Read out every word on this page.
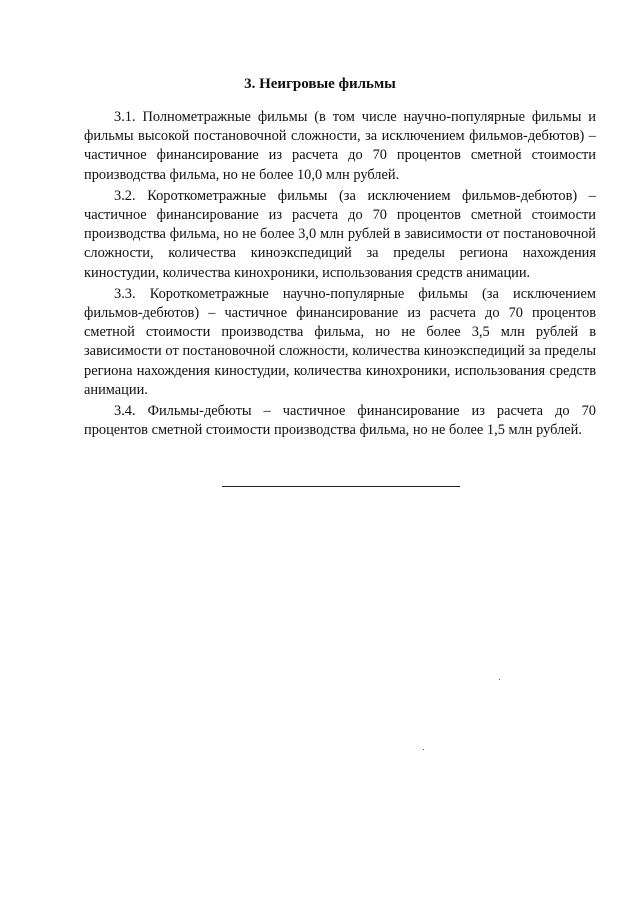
3. Неигровые фильмы

3.1. Полнометражные фильмы (в том числе научно-популярные фильмы и фильмы высокой постановочной сложности, за исключением фильмов-дебютов) – частичное финансирование из расчета до 70 процентов сметной стоимости производства фильма, но не более 10,0 млн рублей.

3.2. Короткометражные фильмы (за исключением фильмов-дебютов) – частичное финансирование из расчета до 70 процентов сметной стоимости производства фильма, но не более 3,0 млн рублей в зависимости от постановочной сложности, количества киноэкспедиций за пределы региона нахождения киностудии, количества кинохроники, использования средств анимации.

3.3. Короткометражные научно-популярные фильмы (за исключением фильмов-дебютов) – частичное финансирование из расчета до 70 процентов сметной стоимости производства фильма, но не более 3,5 млн рублей в зависимости от постановочной сложности, количества киноэкспедиций за пределы региона нахождения киностудии, количества кинохроники, использования средств анимации.

3.4. Фильмы-дебюты – частичное финансирование из расчета до 70 процентов сметной стоимости производства фильма, но не более 1,5 млн рублей.
